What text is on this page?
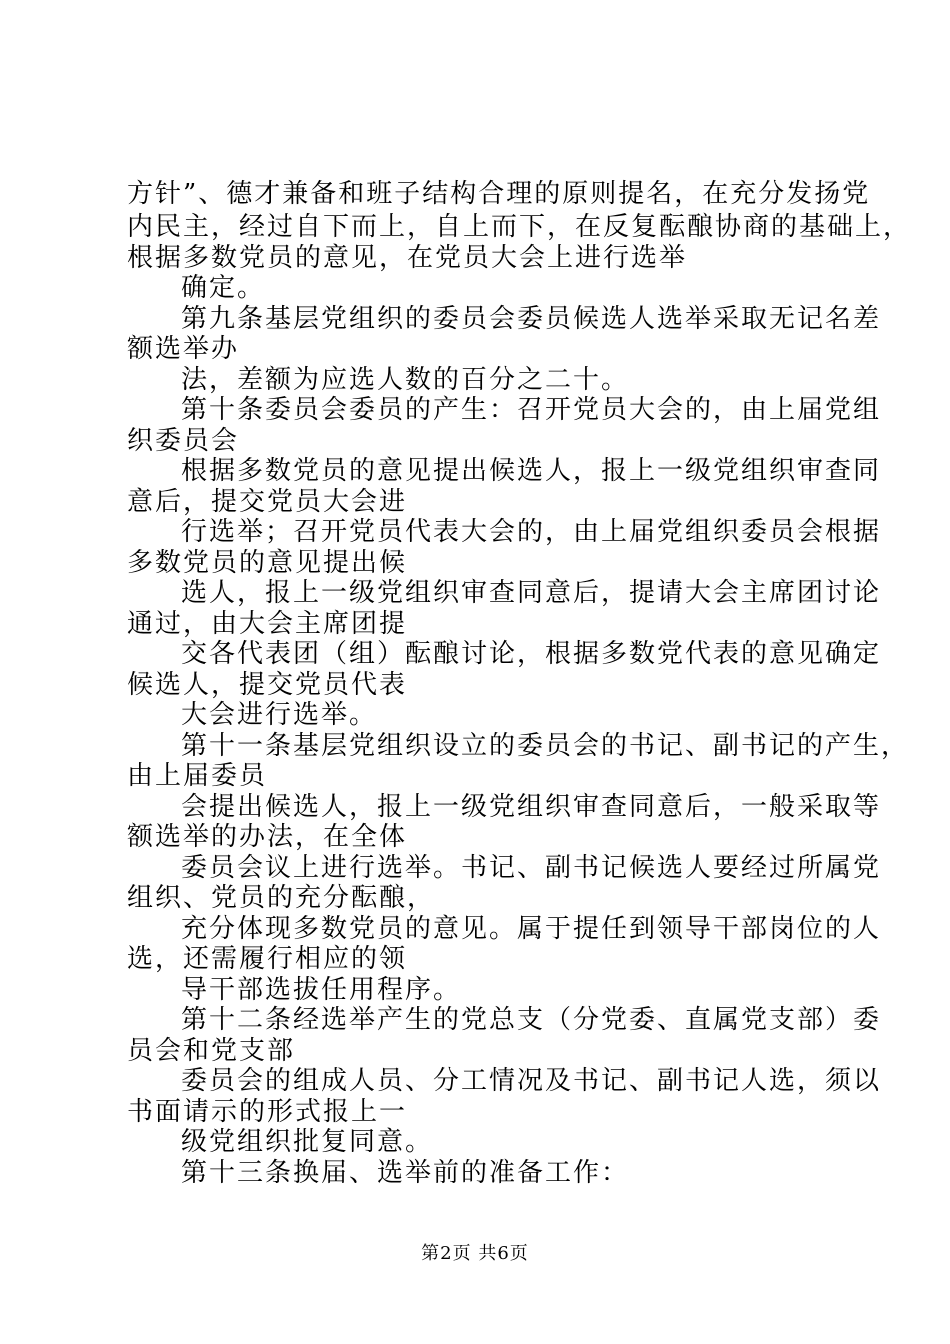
方针”、德才兼备和班子结构合理的原则提名，在充分发扬党
内民主，经过自下而上，自上而下，在反复酝酿协商的基础上，
根据多数党员的意见，在党员大会上进行选举
确定。
第九条基层党组织的委员会委员候选人选举采取无记名差
额选举办
法，差额为应选人数的百分之二十。
第十条委员会委员的产生：召开党员大会的，由上届党组
织委员会
根据多数党员的意见提出候选人，报上一级党组织审查同
意后，提交党员大会进
行选举；召开党员代表大会的，由上届党组织委员会根据
多数党员的意见提出候
选人，报上一级党组织审查同意后，提请大会主席团讨论
通过，由大会主席团提
交各代表团（组）酝酿讨论，根据多数党代表的意见确定
候选人，提交党员代表
大会进行选举。
第十一条基层党组织设立的委员会的书记、副书记的产生，
由上届委员
会提出候选人，报上一级党组织审查同意后，一般采取等
额选举的办法，在全体
委员会议上进行选举。书记、副书记候选人要经过所属党
组织、党员的充分酝酿，
充分体现多数党员的意见。属于提任到领导干部岗位的人
选，还需履行相应的领
导干部选拔任用程序。
第十二条经选举产生的党总支（分党委、直属党支部）委
员会和党支部
委员会的组成人员、分工情况及书记、副书记人选，须以
书面请示的形式报上一
级党组织批复同意。
第十三条换届、选举前的准备工作：
第2页 共6页
